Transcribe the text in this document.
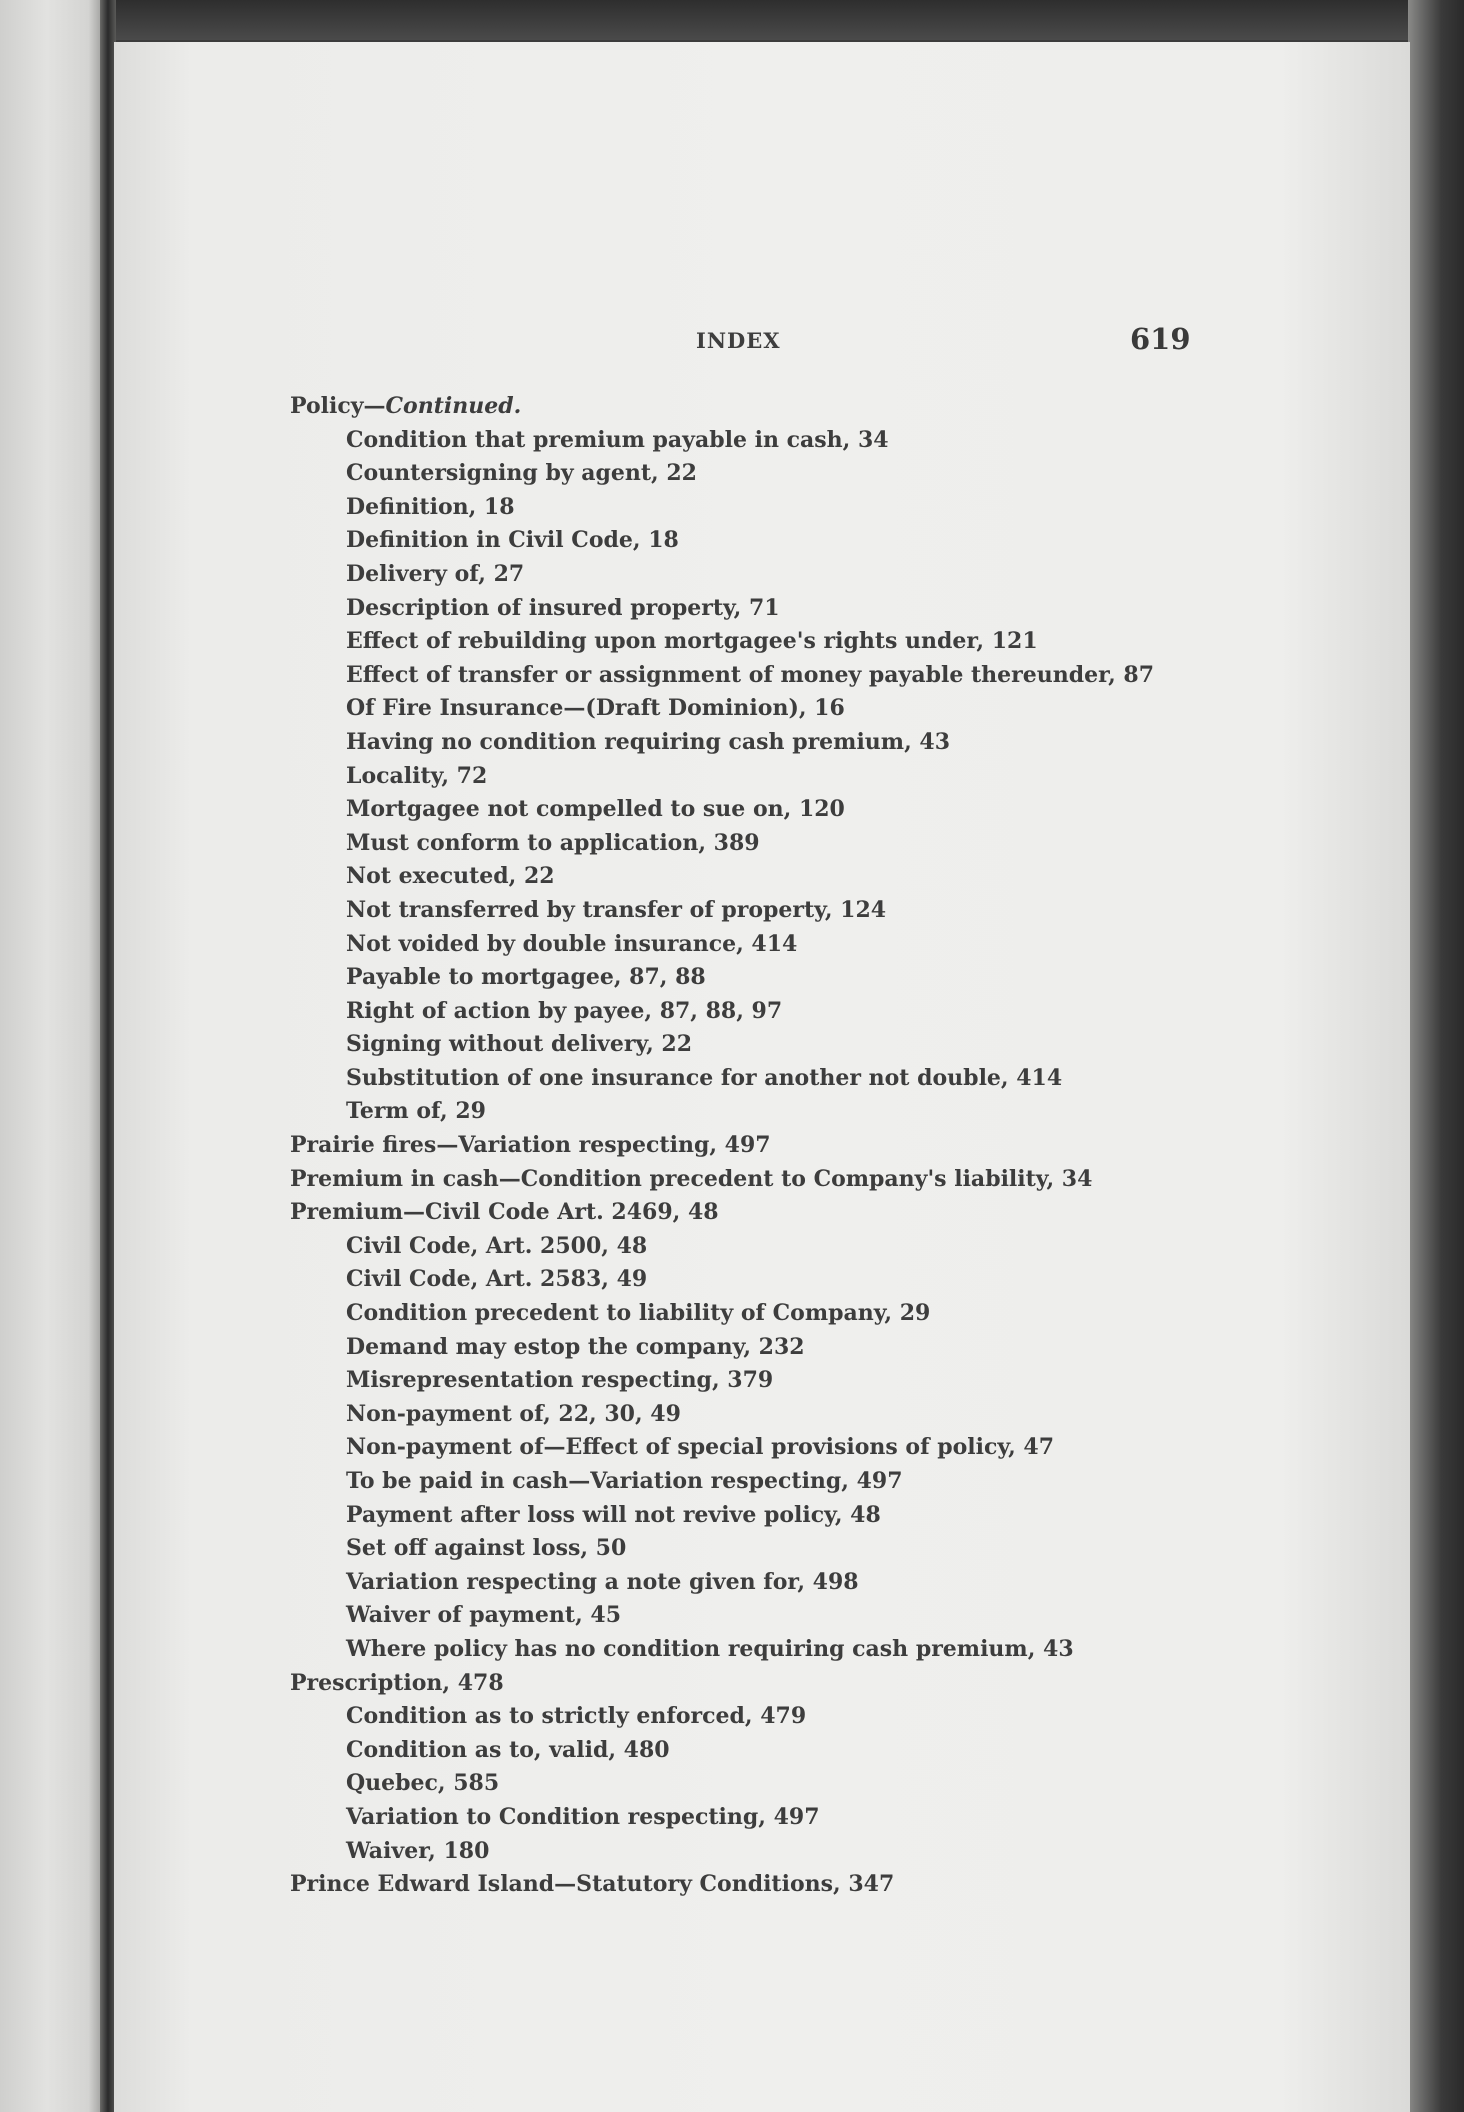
INDEX	619
Policy—Continued.
Condition that premium payable in cash, 34
Countersigning by agent, 22
Definition, 18
Definition in Civil Code, 18
Delivery of, 27
Description of insured property, 71
Effect of rebuilding upon mortgagee's rights under, 121
Effect of transfer or assignment of money payable thereunder, 87
Of Fire Insurance—(Draft Dominion), 16
Having no condition requiring cash premium, 43
Locality, 72
Mortgagee not compelled to sue on, 120
Must conform to application, 389
Not executed, 22
Not transferred by transfer of property, 124
Not voided by double insurance, 414
Payable to mortgagee, 87, 88
Right of action by payee, 87, 88, 97
Signing without delivery, 22
Substitution of one insurance for another not double, 414
Term of, 29
Prairie fires—Variation respecting, 497
Premium in cash—Condition precedent to Company's liability, 34
Premium—Civil Code Art. 2469, 48
Civil Code, Art. 2500, 48
Civil Code, Art. 2583, 49
Condition precedent to liability of Company, 29
Demand may estop the company, 232
Misrepresentation respecting, 379
Non-payment of, 22, 30, 49
Non-payment of—Effect of special provisions of policy, 47
To be paid in cash—Variation respecting, 497
Payment after loss will not revive policy, 48
Set off against loss, 50
Variation respecting a note given for, 498
Waiver of payment, 45
Where policy has no condition requiring cash premium, 43
Prescription, 478
Condition as to strictly enforced, 479
Condition as to, valid, 480
Quebec, 585
Variation to Condition respecting, 497
Waiver, 180
Prince Edward Island—Statutory Conditions, 347
